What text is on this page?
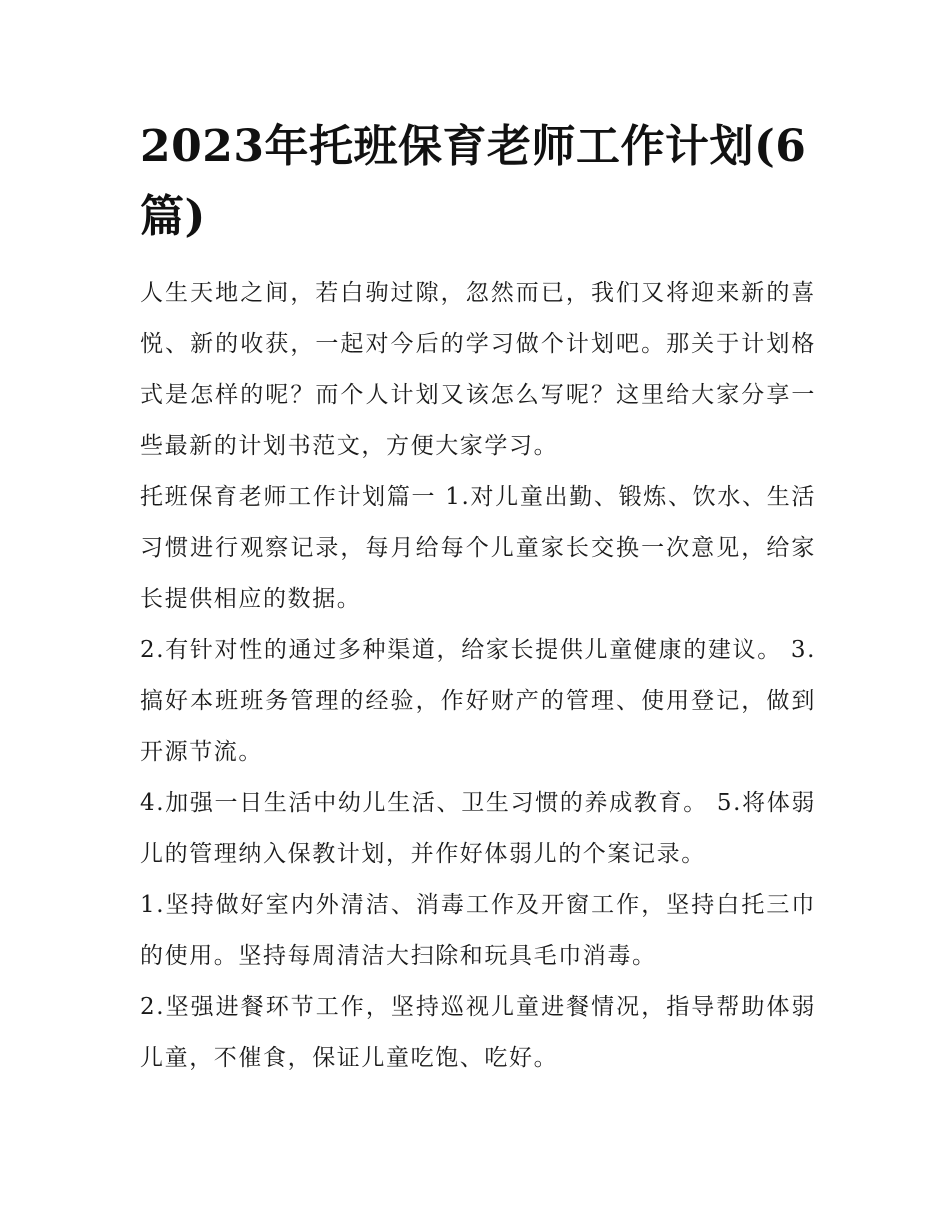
2023年托班保育老师工作计划(6篇)

人生天地之间，若白驹过隙，忽然而已，我们又将迎来新的喜悦、新的收获，一起对今后的学习做个计划吧。那关于计划格式是怎样的呢？而个人计划又该怎么写呢？这里给大家分享一些最新的计划书范文，方便大家学习。

托班保育老师工作计划篇一 1.对儿童出勤、锻炼、饮水、生活习惯进行观察记录，每月给每个儿童家长交换一次意见，给家长提供相应的数据。

2.有针对性的通过多种渠道，给家长提供儿童健康的建议。 3.搞好本班班务管理的经验，作好财产的管理、使用登记，做到开源节流。

4.加强一日生活中幼儿生活、卫生习惯的养成教育。 5.将体弱儿的管理纳入保教计划，并作好体弱儿的个案记录。

1.坚持做好室内外清洁、消毒工作及开窗工作，坚持白托三巾的使用。坚持每周清洁大扫除和玩具毛巾消毒。

2.坚强进餐环节工作，坚持巡视儿童进餐情况，指导帮助体弱儿童，不催食，保证儿童吃饱、吃好。
